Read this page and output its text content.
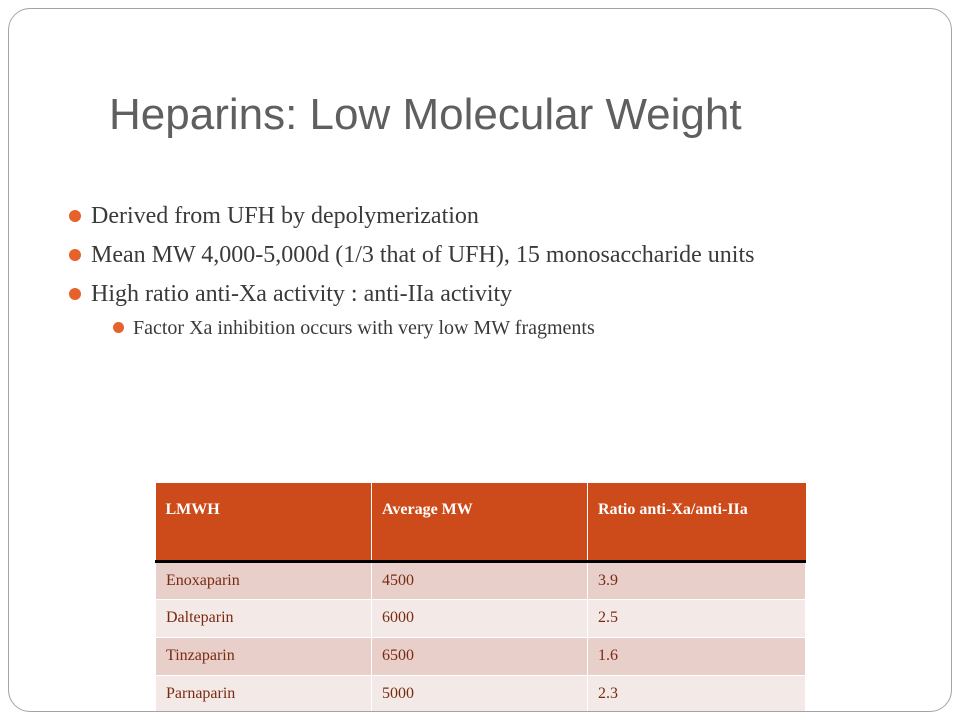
Heparins: Low Molecular Weight
Derived from UFH by depolymerization
Mean MW 4,000-5,000d (1/3 that of UFH), 15 monosaccharide units
High ratio anti-Xa activity : anti-IIa activity
Factor Xa inhibition occurs with very low MW fragments
LMWH	Average MW	Ratio anti-Xa/anti-IIa
Enoxaparin	4500	3.9
Dalteparin	6000	2.5
Tinzaparin	6500	1.6
Parnaparin	5000	2.3
